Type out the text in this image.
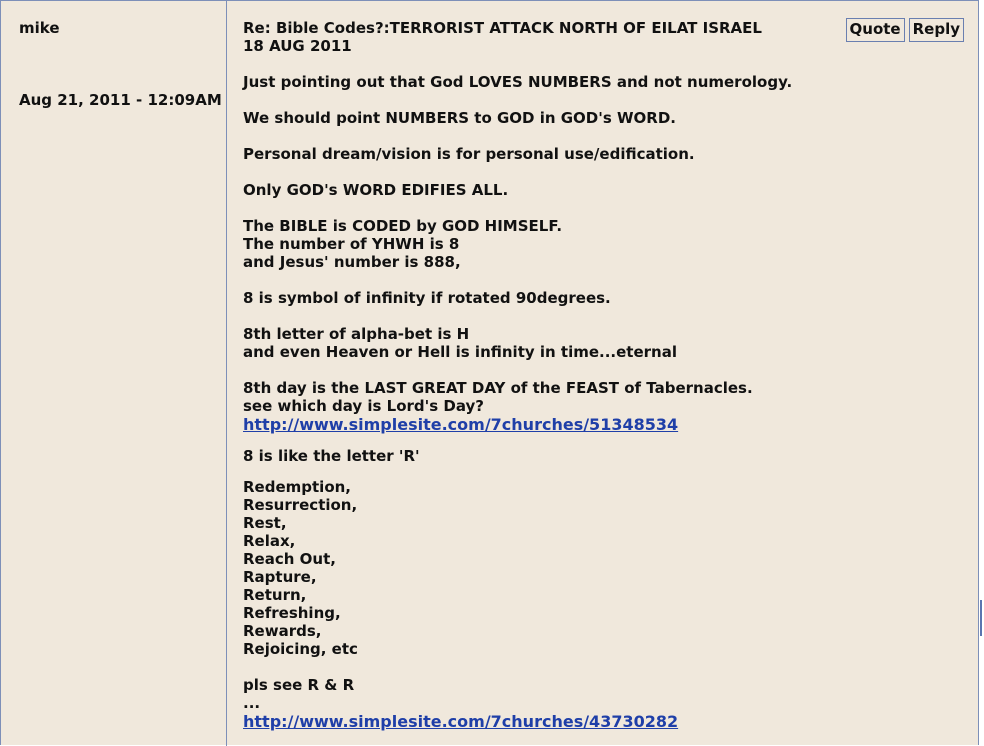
mike
Aug 21, 2011 - 12:09AM
Re: Bible Codes?:TERRORIST ATTACK NORTH OF EILAT ISRAEL 18 AUG 2011
Quote Reply
Just pointing out that God LOVES NUMBERS and not numerology.
We should point NUMBERS to GOD in GOD's WORD.
Personal dream/vision is for personal use/edification.
Only GOD's WORD EDIFIES ALL.
The BIBLE is CODED by GOD HIMSELF.
The number of YHWH is 8
and Jesus' number is 888,
8 is symbol of infinity if rotated 90degrees.
8th letter of alpha-bet is H
and even Heaven or Hell is infinity in time...eternal
8th day is the LAST GREAT DAY of the FEAST of Tabernacles.
see which day is Lord's Day?
http://www.simplesite.com/7churches/51348534
8 is like the letter 'R'
Redemption,
Resurrection,
Rest,
Relax,
Reach Out,
Rapture,
Return,
Refreshing,
Rewards,
Rejoicing, etc
pls see R & R
...
http://www.simplesite.com/7churches/43730282
